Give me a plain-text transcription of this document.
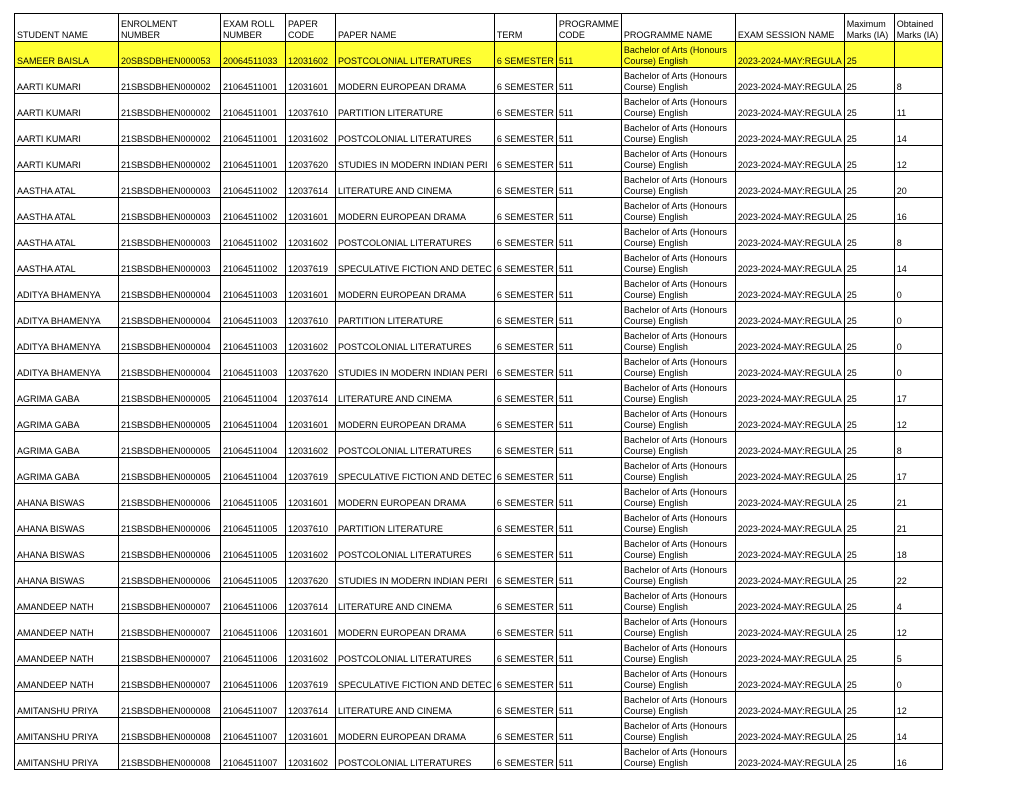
STUDENT NAME	ENROLMENT NUMBER	EXAM ROLL NUMBER	PAPER CODE	PAPER NAME	TERM	PROGRAMME CODE	PROGRAMME NAME	EXAM SESSION NAME	Maximum Marks (IA)	Obtained Marks (IA)
SAMEER BAISLA	20SBSDBHEN000053	20064511033	12031602	POSTCOLONIAL LITERATURES	6 SEMESTER	511	Bachelor of Arts (Honours Course) English	2023-2024-MAY:REGULA	25	
AARTI KUMARI	21SBSDBHEN000002	21064511001	12031601	MODERN EUROPEAN DRAMA	6 SEMESTER	511	Bachelor of Arts (Honours Course) English	2023-2024-MAY:REGULA	25	8
AARTI KUMARI	21SBSDBHEN000002	21064511001	12037610	PARTITION LITERATURE	6 SEMESTER	511	Bachelor of Arts (Honours Course) English	2023-2024-MAY:REGULA	25	11
AARTI KUMARI	21SBSDBHEN000002	21064511001	12031602	POSTCOLONIAL LITERATURES	6 SEMESTER	511	Bachelor of Arts (Honours Course) English	2023-2024-MAY:REGULA	25	14
AARTI KUMARI	21SBSDBHEN000002	21064511001	12037620	STUDIES IN MODERN INDIAN PERI	6 SEMESTER	511	Bachelor of Arts (Honours Course) English	2023-2024-MAY:REGULA	25	12
AASTHA ATAL	21SBSDBHEN000003	21064511002	12037614	LITERATURE AND CINEMA	6 SEMESTER	511	Bachelor of Arts (Honours Course) English	2023-2024-MAY:REGULA	25	20
AASTHA ATAL	21SBSDBHEN000003	21064511002	12031601	MODERN EUROPEAN DRAMA	6 SEMESTER	511	Bachelor of Arts (Honours Course) English	2023-2024-MAY:REGULA	25	16
AASTHA ATAL	21SBSDBHEN000003	21064511002	12031602	POSTCOLONIAL LITERATURES	6 SEMESTER	511	Bachelor of Arts (Honours Course) English	2023-2024-MAY:REGULA	25	8
AASTHA ATAL	21SBSDBHEN000003	21064511002	12037619	SPECULATIVE FICTION AND DETEC	6 SEMESTER	511	Bachelor of Arts (Honours Course) English	2023-2024-MAY:REGULA	25	14
ADITYA BHAMENYA	21SBSDBHEN000004	21064511003	12031601	MODERN EUROPEAN DRAMA	6 SEMESTER	511	Bachelor of Arts (Honours Course) English	2023-2024-MAY:REGULA	25	0
ADITYA BHAMENYA	21SBSDBHEN000004	21064511003	12037610	PARTITION LITERATURE	6 SEMESTER	511	Bachelor of Arts (Honours Course) English	2023-2024-MAY:REGULA	25	0
ADITYA BHAMENYA	21SBSDBHEN000004	21064511003	12031602	POSTCOLONIAL LITERATURES	6 SEMESTER	511	Bachelor of Arts (Honours Course) English	2023-2024-MAY:REGULA	25	0
ADITYA BHAMENYA	21SBSDBHEN000004	21064511003	12037620	STUDIES IN MODERN INDIAN PERI	6 SEMESTER	511	Bachelor of Arts (Honours Course) English	2023-2024-MAY:REGULA	25	0
AGRIMA GABA	21SBSDBHEN000005	21064511004	12037614	LITERATURE AND CINEMA	6 SEMESTER	511	Bachelor of Arts (Honours Course) English	2023-2024-MAY:REGULA	25	17
AGRIMA GABA	21SBSDBHEN000005	21064511004	12031601	MODERN EUROPEAN DRAMA	6 SEMESTER	511	Bachelor of Arts (Honours Course) English	2023-2024-MAY:REGULA	25	12
AGRIMA GABA	21SBSDBHEN000005	21064511004	12031602	POSTCOLONIAL LITERATURES	6 SEMESTER	511	Bachelor of Arts (Honours Course) English	2023-2024-MAY:REGULA	25	8
AGRIMA GABA	21SBSDBHEN000005	21064511004	12037619	SPECULATIVE FICTION AND DETEC	6 SEMESTER	511	Bachelor of Arts (Honours Course) English	2023-2024-MAY:REGULA	25	17
AHANA BISWAS	21SBSDBHEN000006	21064511005	12031601	MODERN EUROPEAN DRAMA	6 SEMESTER	511	Bachelor of Arts (Honours Course) English	2023-2024-MAY:REGULA	25	21
AHANA BISWAS	21SBSDBHEN000006	21064511005	12037610	PARTITION LITERATURE	6 SEMESTER	511	Bachelor of Arts (Honours Course) English	2023-2024-MAY:REGULA	25	21
AHANA BISWAS	21SBSDBHEN000006	21064511005	12031602	POSTCOLONIAL LITERATURES	6 SEMESTER	511	Bachelor of Arts (Honours Course) English	2023-2024-MAY:REGULA	25	18
AHANA BISWAS	21SBSDBHEN000006	21064511005	12037620	STUDIES IN MODERN INDIAN PERI	6 SEMESTER	511	Bachelor of Arts (Honours Course) English	2023-2024-MAY:REGULA	25	22
AMANDEEP NATH	21SBSDBHEN000007	21064511006	12037614	LITERATURE AND CINEMA	6 SEMESTER	511	Bachelor of Arts (Honours Course) English	2023-2024-MAY:REGULA	25	4
AMANDEEP NATH	21SBSDBHEN000007	21064511006	12031601	MODERN EUROPEAN DRAMA	6 SEMESTER	511	Bachelor of Arts (Honours Course) English	2023-2024-MAY:REGULA	25	12
AMANDEEP NATH	21SBSDBHEN000007	21064511006	12031602	POSTCOLONIAL LITERATURES	6 SEMESTER	511	Bachelor of Arts (Honours Course) English	2023-2024-MAY:REGULA	25	5
AMANDEEP NATH	21SBSDBHEN000007	21064511006	12037619	SPECULATIVE FICTION AND DETEC	6 SEMESTER	511	Bachelor of Arts (Honours Course) English	2023-2024-MAY:REGULA	25	0
AMITANSHU PRIYA	21SBSDBHEN000008	21064511007	12037614	LITERATURE AND CINEMA	6 SEMESTER	511	Bachelor of Arts (Honours Course) English	2023-2024-MAY:REGULA	25	12
AMITANSHU PRIYA	21SBSDBHEN000008	21064511007	12031601	MODERN EUROPEAN DRAMA	6 SEMESTER	511	Bachelor of Arts (Honours Course) English	2023-2024-MAY:REGULA	25	14
AMITANSHU PRIYA	21SBSDBHEN000008	21064511007	12031602	POSTCOLONIAL LITERATURES	6 SEMESTER	511	Bachelor of Arts (Honours Course) English	2023-2024-MAY:REGULA	25	16
